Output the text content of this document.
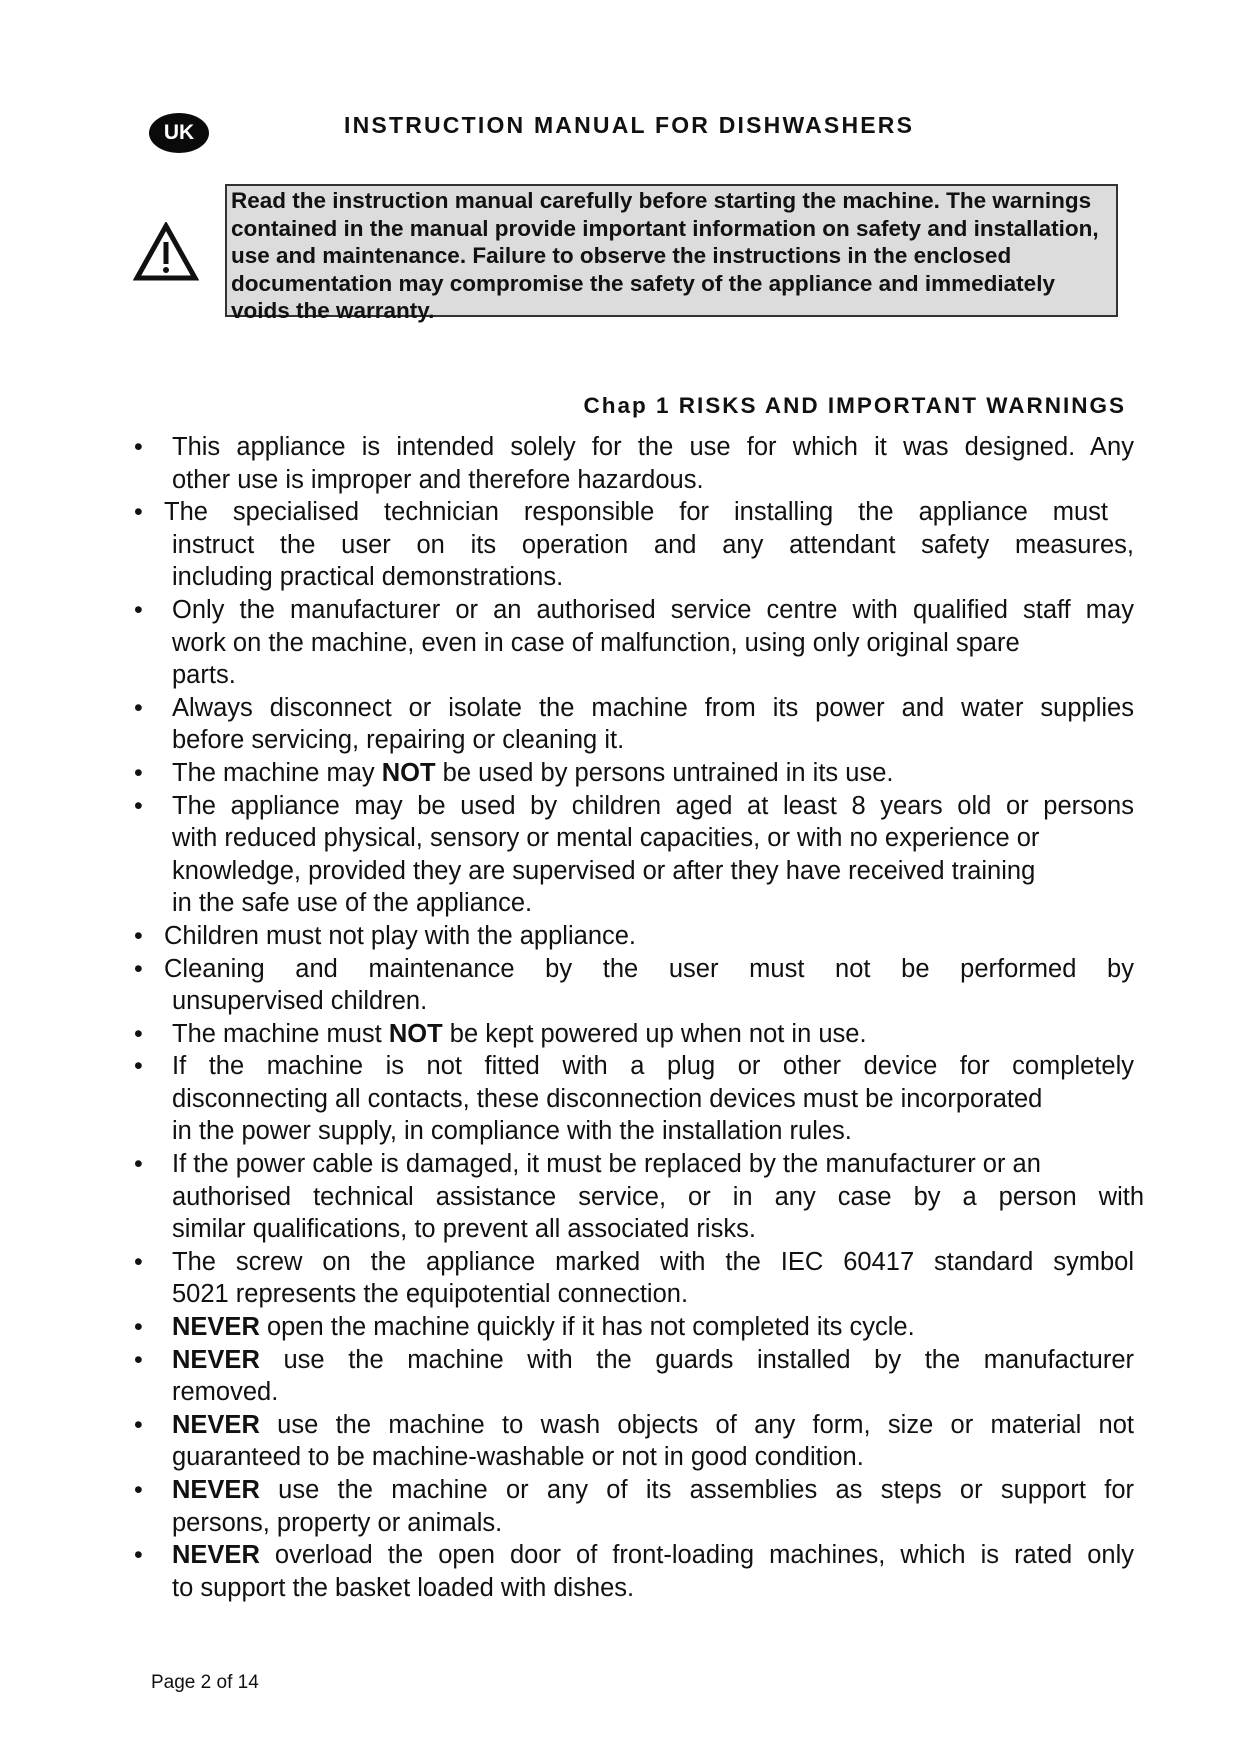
UK	INSTRUCTION MANUAL FOR DISHWASHERS
Read the instruction manual carefully before starting the machine. The warnings contained in the manual provide important information on safety and installation, use and maintenance. Failure to observe the instructions in the enclosed documentation may compromise the safety of the appliance and immediately voids the warranty.
Chap 1 RISKS AND IMPORTANT WARNINGS
• This appliance is intended solely for the use for which it was designed. Any
other use is improper and therefore hazardous.
• The specialised technician responsible for installing the appliance must
instruct the user on its operation and any attendant safety measures,
including practical demonstrations.
• Only the manufacturer or an authorised service centre with qualified staff may
work on the machine, even in case of malfunction, using only original spare
parts.
• Always disconnect or isolate the machine from its power and water supplies
before servicing, repairing or cleaning it.
• The machine may NOT be used by persons untrained in its use.
• The appliance may be used by children aged at least 8 years old or persons
with reduced physical, sensory or mental capacities, or with no experience or
knowledge, provided they are supervised or after they have received training
in the safe use of the appliance.
• Children must not play with the appliance.
• Cleaning and maintenance by the user must not be performed by
unsupervised children.
• The machine must NOT be kept powered up when not in use.
• If the machine is not fitted with a plug or other device for completely
disconnecting all contacts, these disconnection devices must be incorporated
in the power supply, in compliance with the installation rules.
• If the power cable is damaged, it must be replaced by the manufacturer or an
authorised technical assistance service, or in any case by a person with
similar qualifications, to prevent all associated risks.
• The screw on the appliance marked with the IEC 60417 standard symbol
5021 represents the equipotential connection.
• NEVER open the machine quickly if it has not completed its cycle.
• NEVER use the machine with the guards installed by the manufacturer
removed.
• NEVER use the machine to wash objects of any form, size or material not
guaranteed to be machine-washable or not in good condition.
• NEVER use the machine or any of its assemblies as steps or support for
persons, property or animals.
• NEVER overload the open door of front-loading machines, which is rated only
to support the basket loaded with dishes.
Page 2 of 14
